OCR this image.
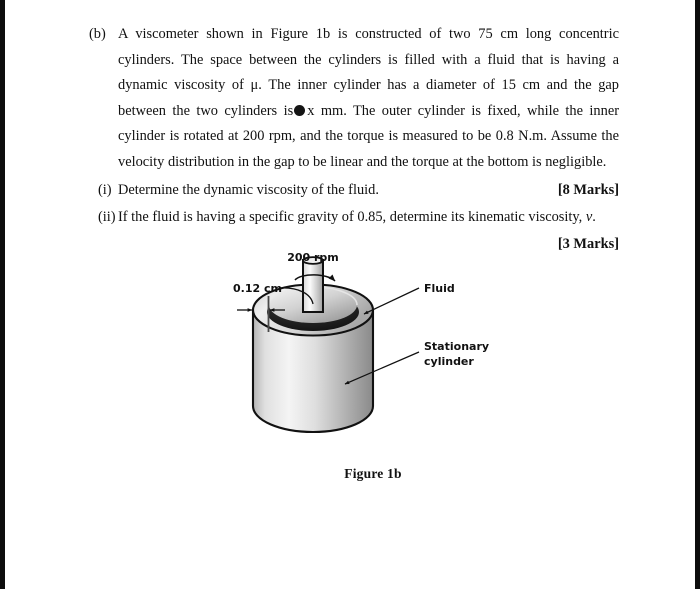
(b) A viscometer shown in Figure 1b is constructed of two 75 cm long concentric cylinders. The space between the cylinders is filled with a fluid that is having a dynamic viscosity of μ. The inner cylinder has a diameter of 15 cm and the gap between the two cylinders is x mm. The outer cylinder is fixed, while the inner cylinder is rotated at 200 rpm, and the torque is measured to be 0.8 N.m. Assume the velocity distribution in the gap to be linear and the torque at the bottom is negligible.
(i)	[8 Marks]
Determine the dynamic viscosity of the fluid.
(ii) If the fluid is having a specific gravity of 0.85, determine its kinematic viscosity, v.
[3 Marks]
200 rpm
0.12 cm	Fluid
Stationary
cylinder
Figure 1b
